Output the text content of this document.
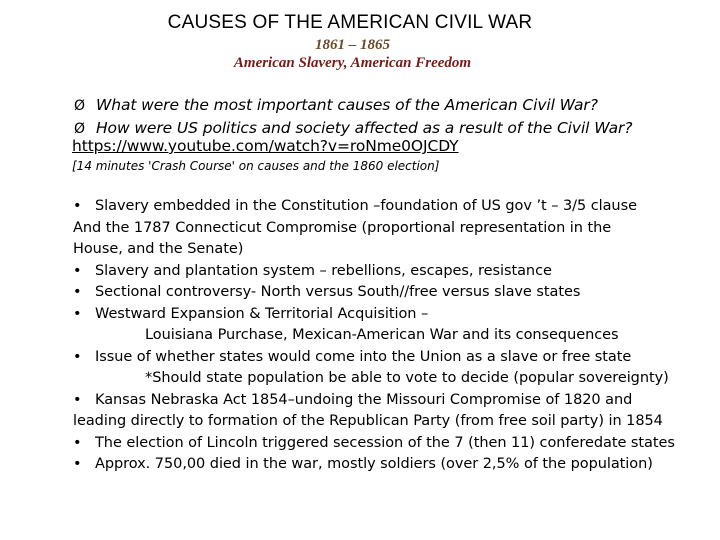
CAUSES OF THE AMERICAN CIVIL WAR
1861 – 1865
American Slavery, American Freedom
Ø What were the most important causes of the American Civil War?
Ø How were US politics and society affected as a result of the Civil War?
https://www.youtube.com/watch?v=roNme0OJCDY
[14 minutes 'Crash Course' on causes and the 1860 election]
• Slavery embedded in the Constitution –foundation of US gov ’t – 3/5 clause
And the 1787 Connecticut Compromise (proportional representation in the
House, and the Senate)
• Slavery and plantation system – rebellions, escapes, resistance
• Sectional controversy- North versus South//free versus slave states
• Westward Expansion & Territorial Acquisition –
Louisiana Purchase, Mexican-American War and its consequences
• Issue of whether states would come into the Union as a slave or free state
*Should state population be able to vote to decide (popular sovereignty)
• Kansas Nebraska Act 1854–undoing the Missouri Compromise of 1820 and
leading directly to formation of the Republican Party (from free soil party) in 1854
• The election of Lincoln triggered secession of the 7 (then 11) conferedate states
• Approx. 750,00 died in the war, mostly soldiers (over 2,5% of the population)
